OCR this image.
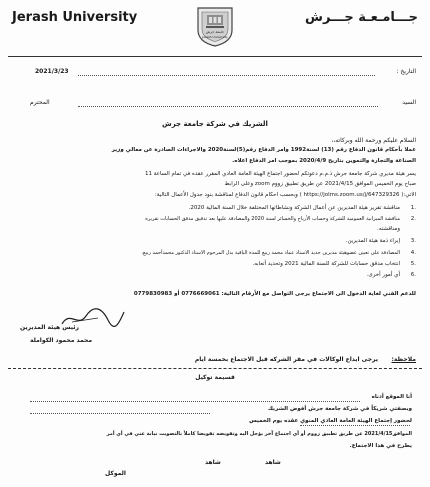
Jerash University
جامعة جرش
Jerash University
جـــامـعـة جـــرش
التاريخ :
2021/3/23
السيد
المحترم
الشريك في شركة جامعة جرش
السلام عليكم ورحمة الله وبركاته،،
عملا بأحكام قانون الدفاع رقم (13) لسنة1992 وامر الدفاع رقم(5)لسنة2020 والاجراءات الصادرة عن معالي وزير
الصناعة والتجارة والتموين بتاريخ 2020/4/9 بموجب امر الدفاع اعلاه.
يسر هيئة مديري شركة جامعة جرش ذ.م.م دعوتكم لحضور اجتماع الهيئة العامة العادي المقرر عقده في تمام الساعة 11
صباح يوم الخميس الموافق 2021/4/15 عن طريق تطبيق زووم zoom وعلى الرابط
الاتي:( https://jolms.zoom.us/j/647329326 ) وبحسب احكام قانون الدفاع لمناقشة بنود جدول الأعمال التالية:
1.
مناقشة تقرير هيئة المديرين عن أعمال الشركة ونشاطاتها المختلفة خلال السنة المالية 2020.
2.
مناقشة الميزانية العمومية للشركة وحساب الأرباح والخسائر لسنة 2020 والمصادقة عليها بعد تدقيق مدقق الحسابات تقريره
ومناقشته.
3.
إبراء ذمة هيئة المديرين.
4.
المصادقة على تعيين عضوهيئة مديرين جديد الاستاذ عماد محمد ربيع للمدة الباقية بدل المرحوم الاستاذ الدكتور محمدأحمد ربيع.
5.
انتخاب مدقق حسابات للشركة للسنة المالية 2021 وتحديد أتعابه.
6.
أي أمور أخرى.
للدعم الفني لغاية الدخول الى الاجتماع يرجى التواصل مع الأرقام التالية: 0776669061 أو 0779830983
رئيس هيئة المديرين
محمد محمود الكواملة
ملاحظة:
يرجى ايداع الوكالات في مقر الشركه قبل الاجتماع بخمسة ايام
قسيمة توكيل
أنا الموقع أدناه
وبصفتي شريكاً في شركة جامعة جرش أفوض الشريك
لحضور إجتماع الهيئة العامة العادي المنوي عقده يوم الخميس
الموافق2021/4/15 عن طريق تطبيق زووم أو أي اجتماع آخر يؤجل اليه وتفويضه تفويضا كاملاً بالتصويت نيابة عني في أي أمر
يطرح في هذا الاجتماع.
شاهد
شاهد
الموكل
